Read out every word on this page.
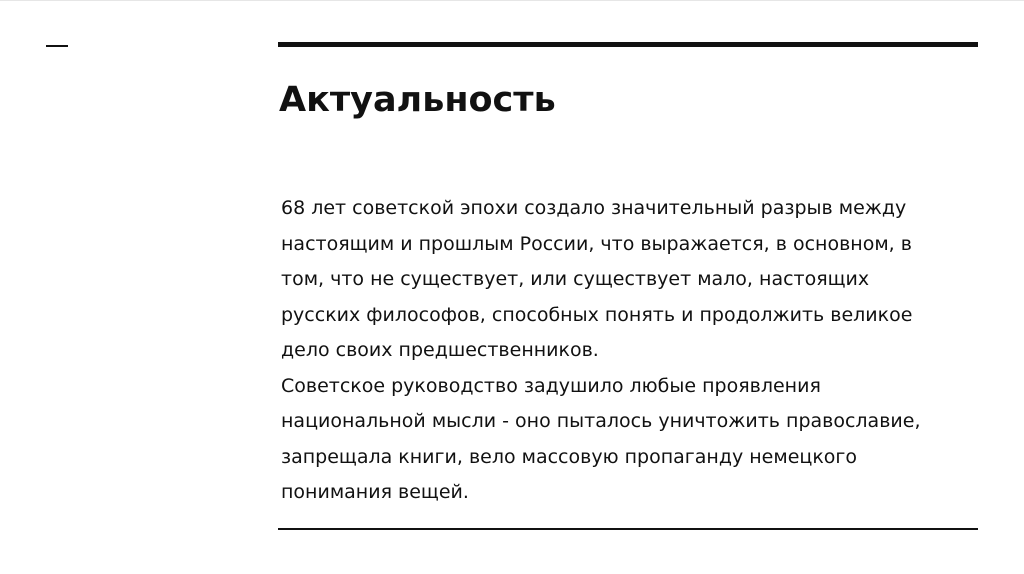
Актуальность
68 лет советской эпохи создало значительный разрыв между
настоящим и прошлым России, что выражается, в основном, в
том, что не существует, или существует мало, настоящих
русских философов, способных понять и продолжить великое
дело своих предшественников.
Советское руководство задушило любые проявления
национальной мысли - оно пыталось уничтожить православие,
запрещала книги, вело массовую пропаганду немецкого
понимания вещей.
